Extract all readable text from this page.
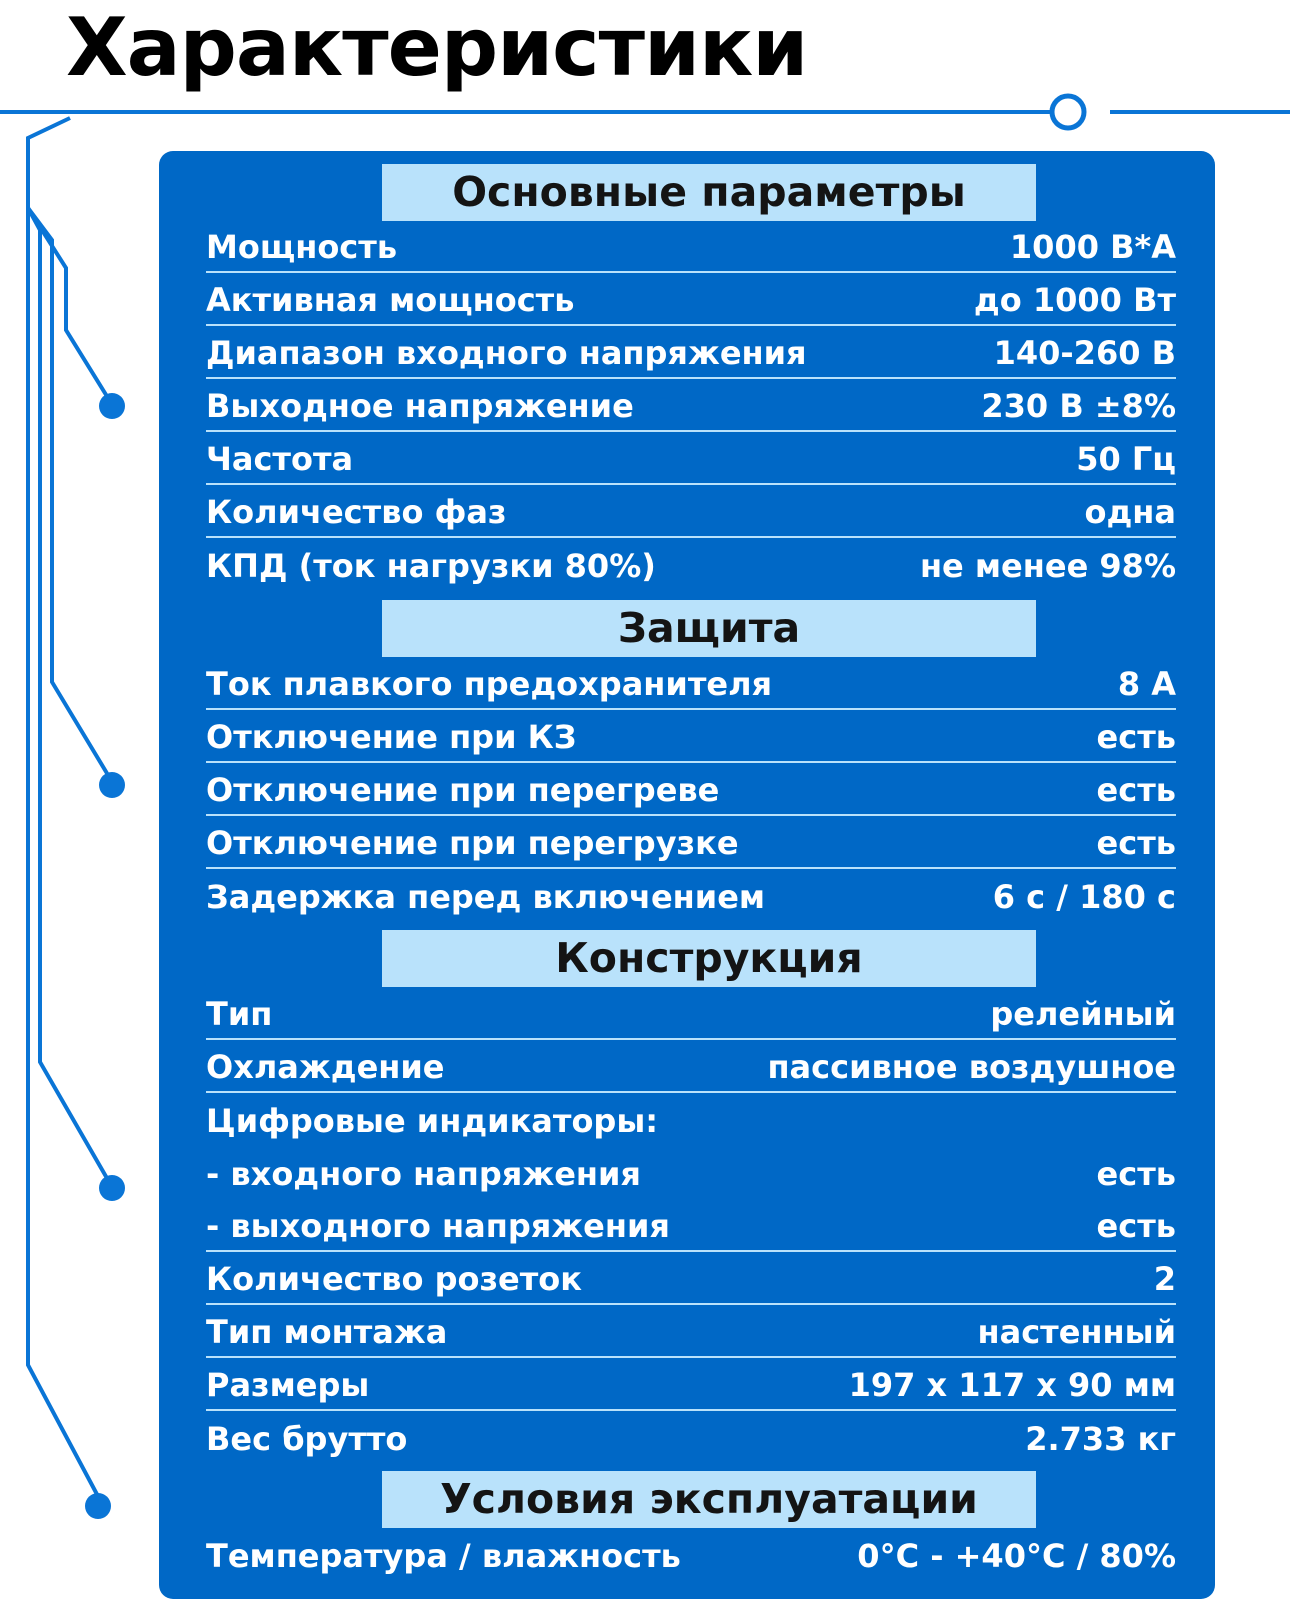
Характеристики
Основные параметры
Мощность	1000 В*А
Активная мощность	до 1000 Вт
Диапазон входного напряжения	140-260 В
Выходное напряжение	230 В ±8%
Частота	50 Гц
Количество фаз	одна
КПД (ток нагрузки 80%)	не менее 98%
Защита
Ток плавкого предохранителя	8 А
Отключение при КЗ	есть
Отключение при перегреве	есть
Отключение при перегрузке	есть
Задержка перед включением	6 с / 180 с
Конструкция
Тип	релейный
Охлаждение	пассивное воздушное
Цифровые индикаторы:
- входного напряжения	есть
- выходного напряжения	есть
Количество розеток	2
Тип монтажа	настенный
Размеры	197 x 117 x 90 мм
Вес брутто	2.733 кг
Условия эксплуатации
Температура / влажность	0°C - +40°C / 80%
